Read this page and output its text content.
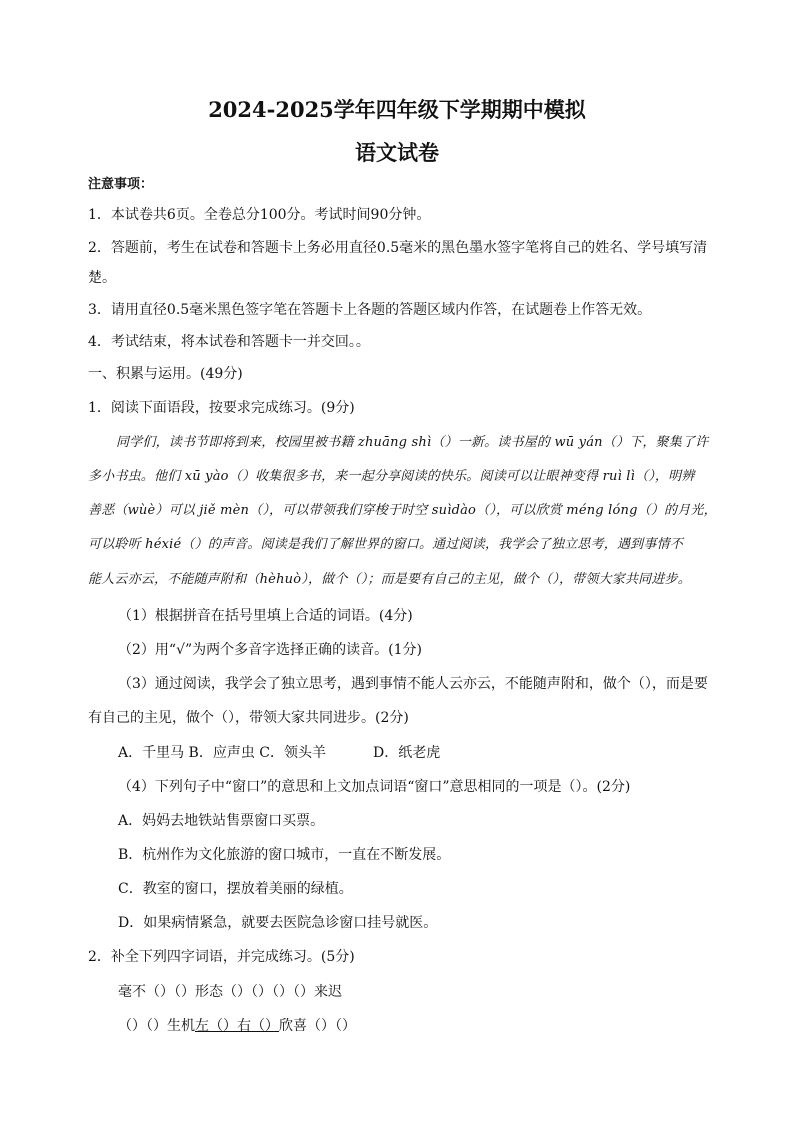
2024-2025学年四年级下学期期中模拟
语文试卷
注意事项：
1．本试卷共6页。全卷总分100分。考试时间90分钟。
2．答题前，考生在试卷和答题卡上务必用直径0.5毫米的黑色墨水签字笔将自己的姓名、学号填写清
楚。
3．请用直径0.5毫米黑色签字笔在答题卡上各题的答题区域内作答，在试题卷上作答无效。
4．考试结束，将本试卷和答题卡一并交回。。
一、积累与运用。(49分)
1．阅读下面语段，按要求完成练习。(9分)
同学们，读书节即将到来，校园里被书籍 zhuāng shì（）一新。读书屋的 wū yán（）下，聚集了许
多小书虫。他们 xū yào（）收集很多书，来一起分享阅读的快乐。阅读可以让眼神变得 ruì lì（），明辨
善恶（wùè）可以 jiě mèn（），可以带领我们穿梭于时空 suìdào（），可以欣赏 méng lóng（）的月光，
可以聆听 héxié（）的声音。阅读是我们了解世界的窗口。通过阅读，我学会了独立思考，遇到事情不
能人云亦云，不能随声附和（hèhuò），做个（）；而是要有自己的主见，做个（），带领大家共同进步。
（1）根据拼音在括号里填上合适的词语。(4分)
（2）用“√”为两个多音字选择正确的读音。(1分)
（3）通过阅读，我学会了独立思考，遇到事情不能人云亦云，不能随声附和，做个（），而是要
有自己的主见，做个（），带领大家共同进步。(2分)
A．千里马 B．应声虫 C．领头羊	D．纸老虎
（4）下列句子中“窗口”的意思和上文加点词语“窗口”意思相同的一项是（）。(2分)
A．妈妈去地铁站售票窗口买票。
B．杭州作为文化旅游的窗口城市，一直在不断发展。
C．教室的窗口，摆放着美丽的绿植。
D．如果病情紧急，就要去医院急诊窗口挂号就医。
2．补全下列四字词语，并完成练习。(5分)
毫不（）（）形态（）（）（）（）来迟
（）（）生机左（）右（）欣喜（）（）
